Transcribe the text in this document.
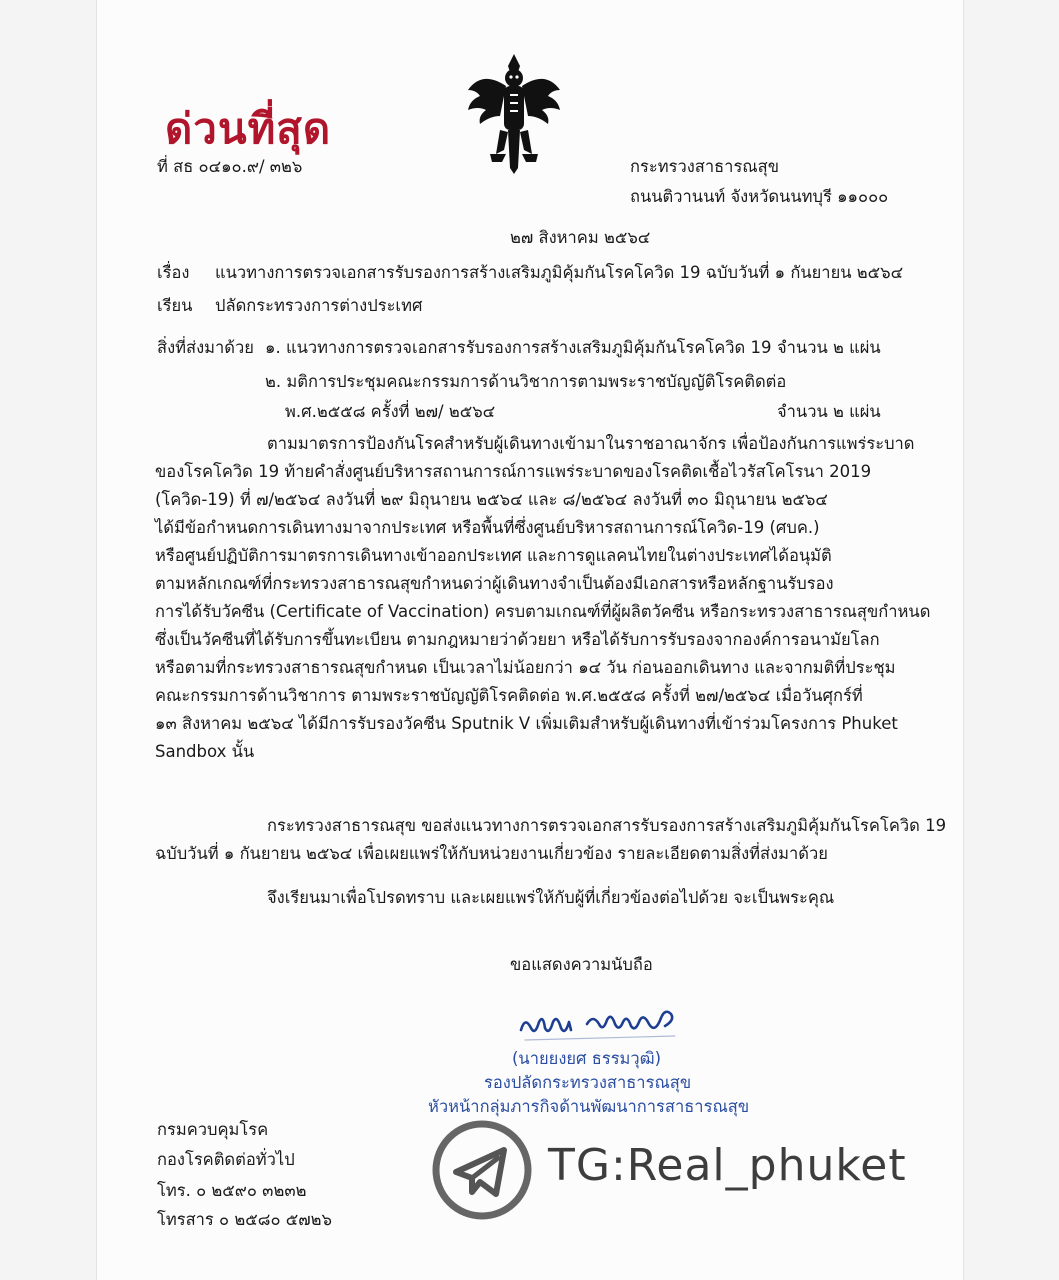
ด่วนที่สุด
ที่ สธ ๐๔๑๐.๙/ ๓๒๖	กระทรวงสาธารณสุข
ถนนติวานนท์ จังหวัดนนทบุรี ๑๑๐๐๐
๒๗ สิงหาคม ๒๕๖๔
เรื่อง แนวทางการตรวจเอกสารรับรองการสร้างเสริมภูมิคุ้มกันโรคโควิด 19 ฉบับวันที่ ๑ กันยายน ๒๕๖๔
เรียน ปลัดกระทรวงการต่างประเทศ
สิ่งที่ส่งมาด้วย ๑. แนวทางการตรวจเอกสารรับรองการสร้างเสริมภูมิคุ้มกันโรคโควิด 19 จำนวน ๒ แผ่น
๒. มติการประชุมคณะกรรมการด้านวิชาการตามพระราชบัญญัติโรคติดต่อ
พ.ศ.๒๕๕๘ ครั้งที่ ๒๗/ ๒๕๖๔	จำนวน ๒ แผ่น
ตามมาตรการป้องกันโรคสำหรับผู้เดินทางเข้ามาในราชอาณาจักร เพื่อป้องกันการแพร่ระบาด
ของโรคโควิด 19 ท้ายคำสั่งศูนย์บริหารสถานการณ์การแพร่ระบาดของโรคติดเชื้อไวรัสโคโรนา 2019
(โควิด-19) ที่ ๗/๒๕๖๔ ลงวันที่ ๒๙ มิถุนายน ๒๕๖๔ และ ๘/๒๕๖๔ ลงวันที่ ๓๐ มิถุนายน ๒๕๖๔
ได้มีข้อกำหนดการเดินทางมาจากประเทศ หรือพื้นที่ซึ่งศูนย์บริหารสถานการณ์โควิด-19 (ศบค.)
หรือศูนย์ปฏิบัติการมาตรการเดินทางเข้าออกประเทศ และการดูแลคนไทยในต่างประเทศได้อนุมัติ
ตามหลักเกณฑ์ที่กระทรวงสาธารณสุขกำหนดว่าผู้เดินทางจำเป็นต้องมีเอกสารหรือหลักฐานรับรอง
การได้รับวัคซีน (Certificate of Vaccination) ครบตามเกณฑ์ที่ผู้ผลิตวัคซีน หรือกระทรวงสาธารณสุขกำหนด
ซึ่งเป็นวัคซีนที่ได้รับการขึ้นทะเบียน ตามกฎหมายว่าด้วยยา หรือได้รับการรับรองจากองค์การอนามัยโลก
หรือตามที่กระทรวงสาธารณสุขกำหนด เป็นเวลาไม่น้อยกว่า ๑๔ วัน ก่อนออกเดินทาง และจากมติที่ประชุม
คณะกรรมการด้านวิชาการ ตามพระราชบัญญัติโรคติดต่อ พ.ศ.๒๕๕๘ ครั้งที่ ๒๗/๒๕๖๔ เมื่อวันศุกร์ที่
๑๓ สิงหาคม ๒๕๖๔ ได้มีการรับรองวัคซีน Sputnik V เพิ่มเติมสำหรับผู้เดินทางที่เข้าร่วมโครงการ Phuket
Sandbox นั้น
กระทรวงสาธารณสุข ขอส่งแนวทางการตรวจเอกสารรับรองการสร้างเสริมภูมิคุ้มกันโรคโควิด 19
ฉบับวันที่ ๑ กันยายน ๒๕๖๔ เพื่อเผยแพร่ให้กับหน่วยงานเกี่ยวข้อง รายละเอียดตามสิ่งที่ส่งมาด้วย
จึงเรียนมาเพื่อโปรดทราบ และเผยแพร่ให้กับผู้ที่เกี่ยวข้องต่อไปด้วย จะเป็นพระคุณ
ขอแสดงความนับถือ
(นายยงยศ ธรรมวุฒิ)
รองปลัดกระทรวงสาธารณสุข
หัวหน้ากลุ่มภารกิจด้านพัฒนาการสาธารณสุข
กรมควบคุมโรค
กองโรคติดต่อทั่วไป
โทร. ๐ ๒๕๙๐ ๓๒๓๒
โทรสาร ๐ ๒๕๘๐ ๕๗๒๖
TG:Real_phuket
